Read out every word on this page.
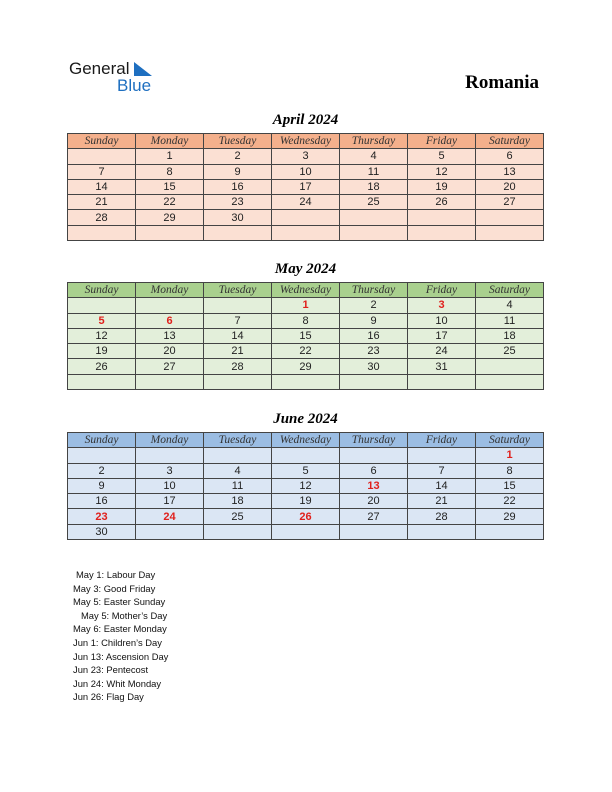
General
Blue	Romania
April 2024
Sunday	Monday	Tuesday	Wednesday	Thursday	Friday	Saturday
	1	2	3	4	5	6
7	8	9	10	11	12	13
14	15	16	17	18	19	20
21	22	23	24	25	26	27
28	29	30				

May 2024
Sunday	Monday	Tuesday	Wednesday	Thursday	Friday	Saturday
			1	2	3	4
5	6	7	8	9	10	11
12	13	14	15	16	17	18
19	20	21	22	23	24	25
26	27	28	29	30	31	

June 2024
Sunday	Monday	Tuesday	Wednesday	Thursday	Friday	Saturday
						1
2	3	4	5	6	7	8
9	10	11	12	13	14	15
16	17	18	19	20	21	22
23	24	25	26	27	28	29
30						
May 1: Labour Day
May 3: Good Friday
May 5: Easter Sunday
May 5: Mother’s Day
May 6: Easter Monday
Jun 1: Children’s Day
Jun 13: Ascension Day
Jun 23: Pentecost
Jun 24: Whit Monday
Jun 26: Flag Day
